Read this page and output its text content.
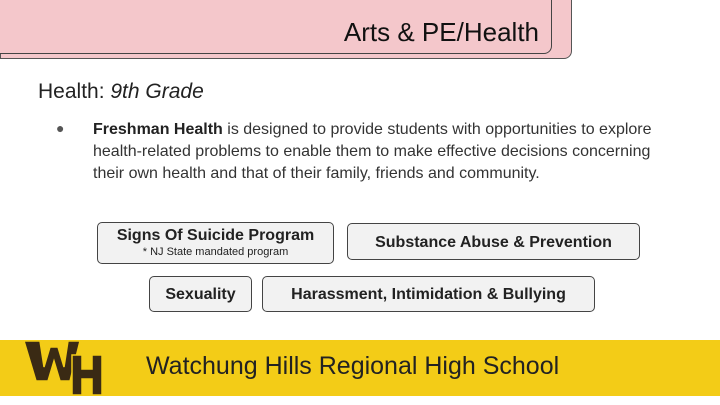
Arts & PE/Health
Health: 9th Grade
● Freshman Health is designed to provide students with opportunities to explore health-related problems to enable them to make effective decisions concerning their own health and that of their family, friends and community.
Signs Of Suicide Program
* NJ State mandated program
Substance Abuse & Prevention
Sexuality	Harassment, Intimidation & Bullying
Watchung Hills Regional High School
